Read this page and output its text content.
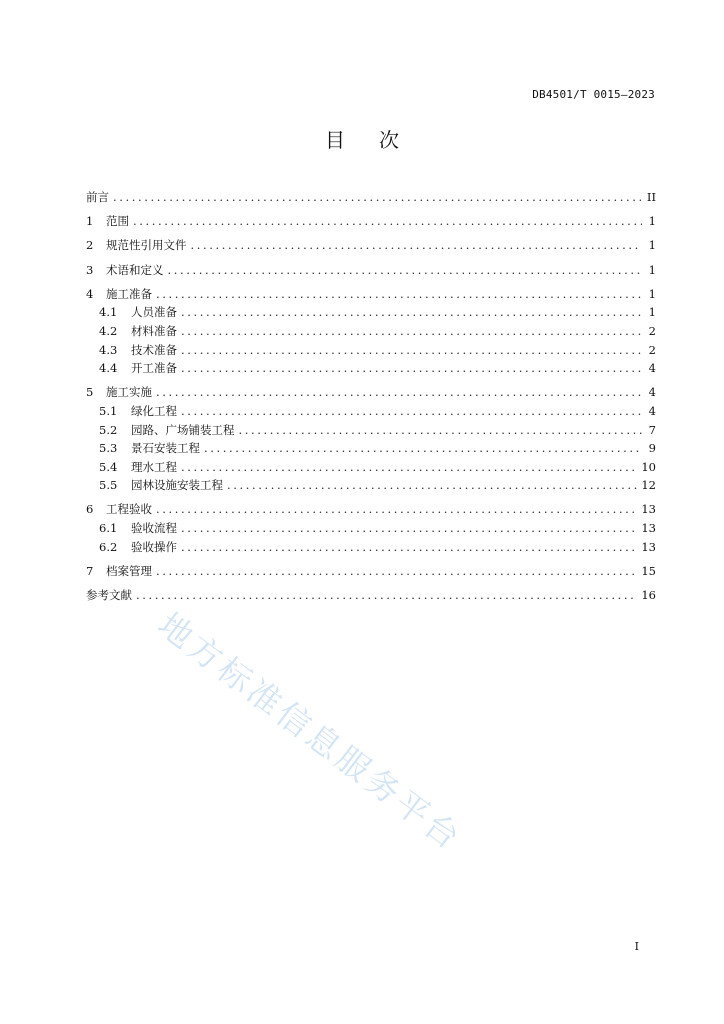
DB4501/T 0015—2023
目次
前言 .....	II
1	范围 .....	1
2	规范性引用文件 .....	1
3	术语和定义 .....	1
4	施工准备 .....	1
4.1	人员准备 .....	1
4.2	材料准备 .....	2
4.3	技术准备 .....	2
4.4	开工准备 .....	4
5	施工实施 .....	4
5.1	绿化工程 .....	4
5.2	园路、广场铺装工程 .....	7
5.3	景石安装工程 .....	9
5.4	理水工程 .....	10
5.5	园林设施安装工程 .....	12
6	工程验收 .....	13
6.1	验收流程 .....	13
6.2	验收操作 .....	13
7	档案管理 .....	15
参考文献 .....	16
地方标准信息服务平台
I
